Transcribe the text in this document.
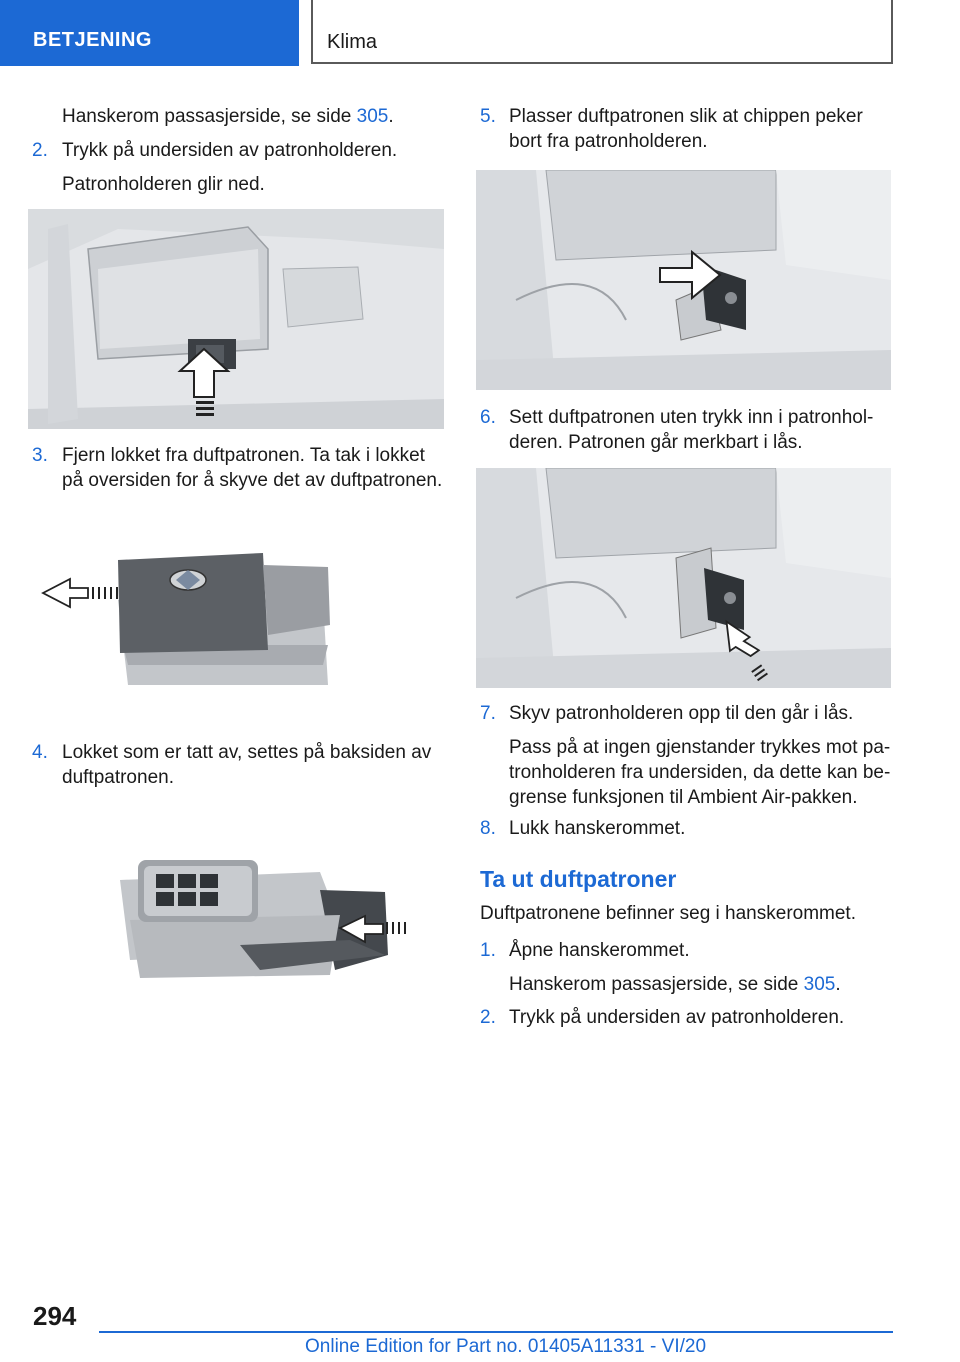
BETJENING	Klima
Hanskerom passasjerside, se side 305.
2. Trykk på undersiden av patronholderen.
Patronholderen glir ned.
3. Fjern lokket fra duftpatronen. Ta tak i lokket
på oversiden for å skyve det av duftpatronen.
4. Lokket som er tatt av, settes på baksiden av
duftpatronen.
5. Plasser duftpatronen slik at chippen peker
bort fra patronholderen.
6. Sett duftpatronen uten trykk inn i patronhol-
deren. Patronen går merkbart i lås.
7. Skyv patronholderen opp til den går i lås.
Pass på at ingen gjenstander trykkes mot pa-
tronholderen fra undersiden, da dette kan be-
grense funksjonen til Ambient Air-pakken.
8. Lukk hanskerommet.
Ta ut duftpatroner
Duftpatronene befinner seg i hanskerommet.
1. Åpne hanskerommet.
Hanskerom passasjerside, se side 305.
2. Trykk på undersiden av patronholderen.
294
Online Edition for Part no. 01405A11331 - VI/20
